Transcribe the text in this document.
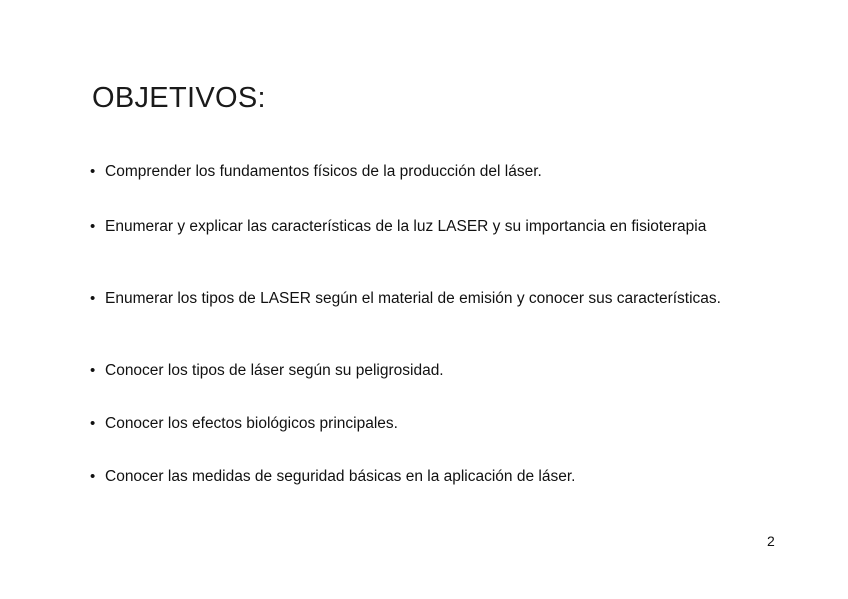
OBJETIVOS:
• Comprender los fundamentos físicos de la producción del láser.
• Enumerar y explicar las características de la luz LASER y su importancia en fisioterapia
• Enumerar los tipos de LASER según el material de emisión y conocer sus características.
• Conocer los tipos de láser según su peligrosidad.
• Conocer los efectos biológicos principales.
• Conocer las medidas de seguridad básicas en la aplicación de láser.
2
